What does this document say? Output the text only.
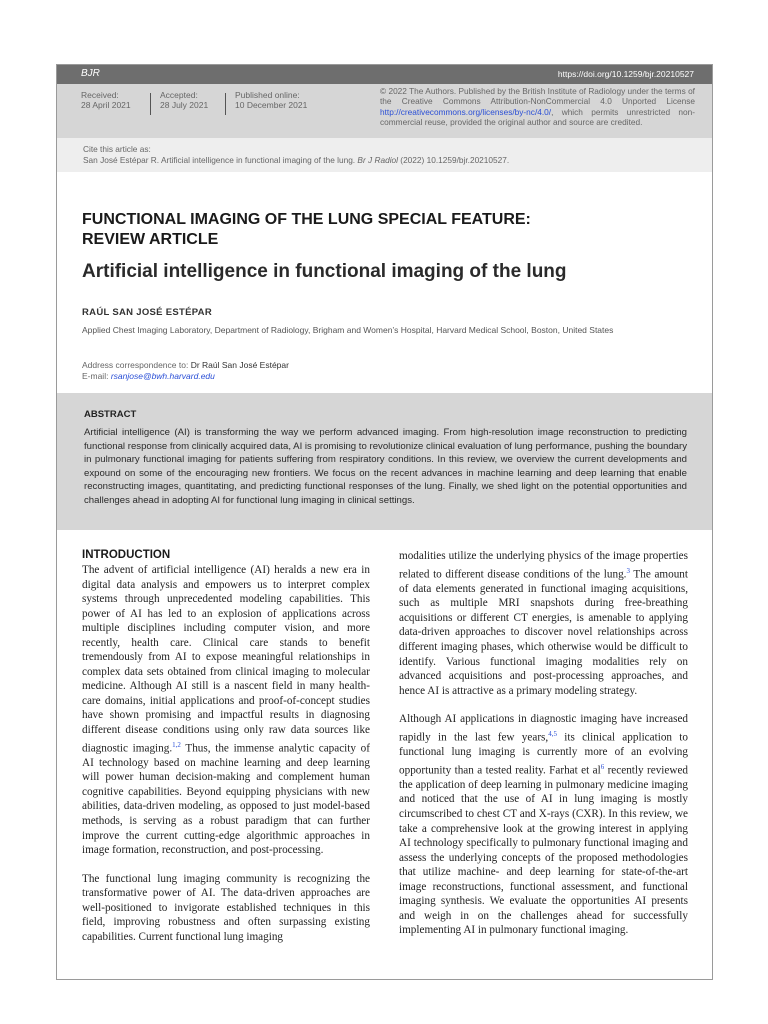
BJR	https://doi.org/10.1259/bjr.20210527
Received:
28 April 2021
Accepted:
28 July 2021
Published online:
10 December 2021
© 2022 The Authors. Published by the British Institute of Radiology under the terms of the Creative Commons Attribution-NonCommercial 4.0 Unported License http://creativecommons.org/licenses/by-nc/4.0/, which permits unrestricted non-commercial reuse, provided the original author and source are credited.
Cite this article as:
San José Estépar R. Artificial intelligence in functional imaging of the lung. Br J Radiol (2022) 10.1259/bjr.20210527.
FUNCTIONAL IMAGING OF THE LUNG SPECIAL FEATURE:
REVIEW ARTICLE
Artificial intelligence in functional imaging of the lung
RAÚL SAN JOSÉ ESTÉPAR
Applied Chest Imaging Laboratory, Department of Radiology, Brigham and Women’s Hospital, Harvard Medical School, Boston, United States
Address correspondence to: Dr Raúl San José Estépar
E-mail: rsanjose@bwh.harvard.edu
ABSTRACT

Artificial intelligence (AI) is transforming the way we perform advanced imaging. From high-resolution image reconstruction to predicting functional response from clinically acquired data, AI is promising to revolutionize clinical evaluation of lung performance, pushing the boundary in pulmonary functional imaging for patients suffering from respiratory conditions. In this review, we overview the current developments and expound on some of the encouraging new frontiers. We focus on the recent advances in machine learning and deep learning that enable reconstructing images, quantitating, and predicting functional responses of the lung. Finally, we shed light on the potential opportunities and challenges ahead in adopting AI for functional lung imaging in clinical settings.

INTRODUCTION

The advent of artificial intelligence (AI) heralds a new era in digital data analysis and empowers us to interpret complex systems through unprecedented modeling capabilities. This power of AI has led to an explosion of applications across multiple disciplines including computer vision, and more recently, health care. Clinical care stands to benefit tremendously from AI to expose meaningful relationships in complex data sets obtained from clinical imaging to molecular medicine. Although AI still is a nascent field in many health-care domains, initial applications and proof-of-concept studies have shown promising and impactful results in diagnosing different disease conditions using only raw data sources like diagnostic imaging.$^{1,2}$ Thus, the immense analytic capacity of AI technology based on machine learning and deep learning will power human decision-making and complement human cognitive capabilities. Beyond equipping physicians with new abilities, data-driven modeling, as opposed to just model-based methods, is serving as a robust paradigm that can further improve the current cutting-edge algorithmic approaches in image formation, reconstruction, and post-processing.

The functional lung imaging community is recognizing the transformative power of AI. The data-driven approaches are well-positioned to invigorate established techniques in this field, improving robustness and often surpassing existing capabilities. Current functional lung imaging

modalities utilize the underlying physics of the image properties related to different disease conditions of the lung.$^3$ The amount of data elements generated in functional imaging acquisitions, such as multiple MRI snapshots during free-breathing acquisitions or different CT energies, is amenable to applying data-driven approaches to discover novel relationships across different imaging phases, which otherwise would be difficult to identify. Various functional imaging modalities rely on advanced acquisitions and post-processing approaches, and hence AI is attractive as a primary modeling strategy.

Although AI applications in diagnostic imaging have increased rapidly in the last few years,$^{4,5}$ its clinical application to functional lung imaging is currently more of an evolving opportunity than a tested reality. Farhat et $al^6$ recently reviewed the application of deep learning in pulmonary medicine imaging and noticed that the use of AI in lung imaging is mostly circumscribed to chest CT and X-rays (CXR). In this review, we take a comprehensive look at the growing interest in applying AI technology specifically to pulmonary functional imaging and assess the underlying concepts of the proposed methodologies that utilize machine- and deep learning for state-of-the-art image reconstructions, functional assessment, and functional imaging synthesis. We evaluate the opportunities AI presents and weigh in on the challenges ahead for successfully implementing AI in pulmonary functional imaging.
